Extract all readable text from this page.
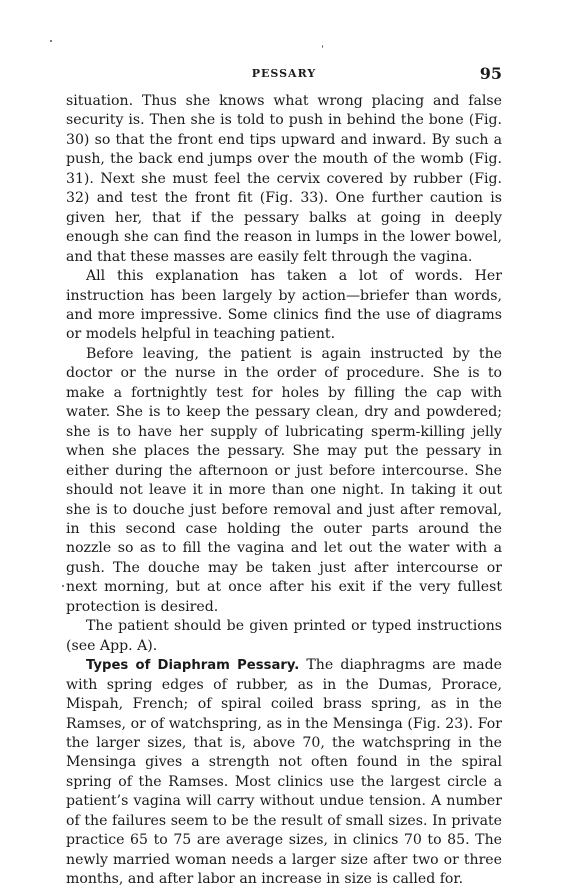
PESSARY	95

situation. Thus she knows what wrong placing and false security is. Then she is told to push in behind the bone (Fig. 30) so that the front end tips upward and inward. By such a push, the back end jumps over the mouth of the womb (Fig. 31). Next she must feel the cervix covered by rubber (Fig. 32) and test the front fit (Fig. 33). One further caution is given her, that if the pessary balks at going in deeply enough she can find the reason in lumps in the lower bowel, and that these masses are easily felt through the vagina.

All this explanation has taken a lot of words. Her instruction has been largely by action—briefer than words, and more impressive. Some clinics find the use of diagrams or models helpful in teaching patient.

Before leaving, the patient is again instructed by the doctor or the nurse in the order of procedure. She is to make a fortnightly test for holes by filling the cap with water. She is to keep the pessary clean, dry and powdered; she is to have her supply of lubricating sperm-killing jelly when she places the pessary. She may put the pessary in either during the afternoon or just before intercourse. She should not leave it in more than one night. In taking it out she is to douche just before removal and just after removal, in this second case holding the outer parts around the nozzle so as to fill the vagina and let out the water with a gush. The douche may be taken just after intercourse or next morning, but at once after his exit if the very fullest protection is desired.

The patient should be given printed or typed instructions (see App. A).

Types of Diaphram Pessary. The diaphragms are made with spring edges of rubber, as in the Dumas, Prorace, Mispah, French; of spiral coiled brass spring, as in the Ramses, or of watchspring, as in the Mensinga (Fig. 23). For the larger sizes, that is, above 70, the watchspring in the Mensinga gives a strength not often found in the spiral spring of the Ramses. Most clinics use the largest circle a patient’s vagina will carry without undue tension. A number of the failures seem to be the result of small sizes. In private practice 65 to 75 are average sizes, in clinics 70 to 85. The newly married woman needs a larger size after two or three months, and after labor an increase in size is called for.
